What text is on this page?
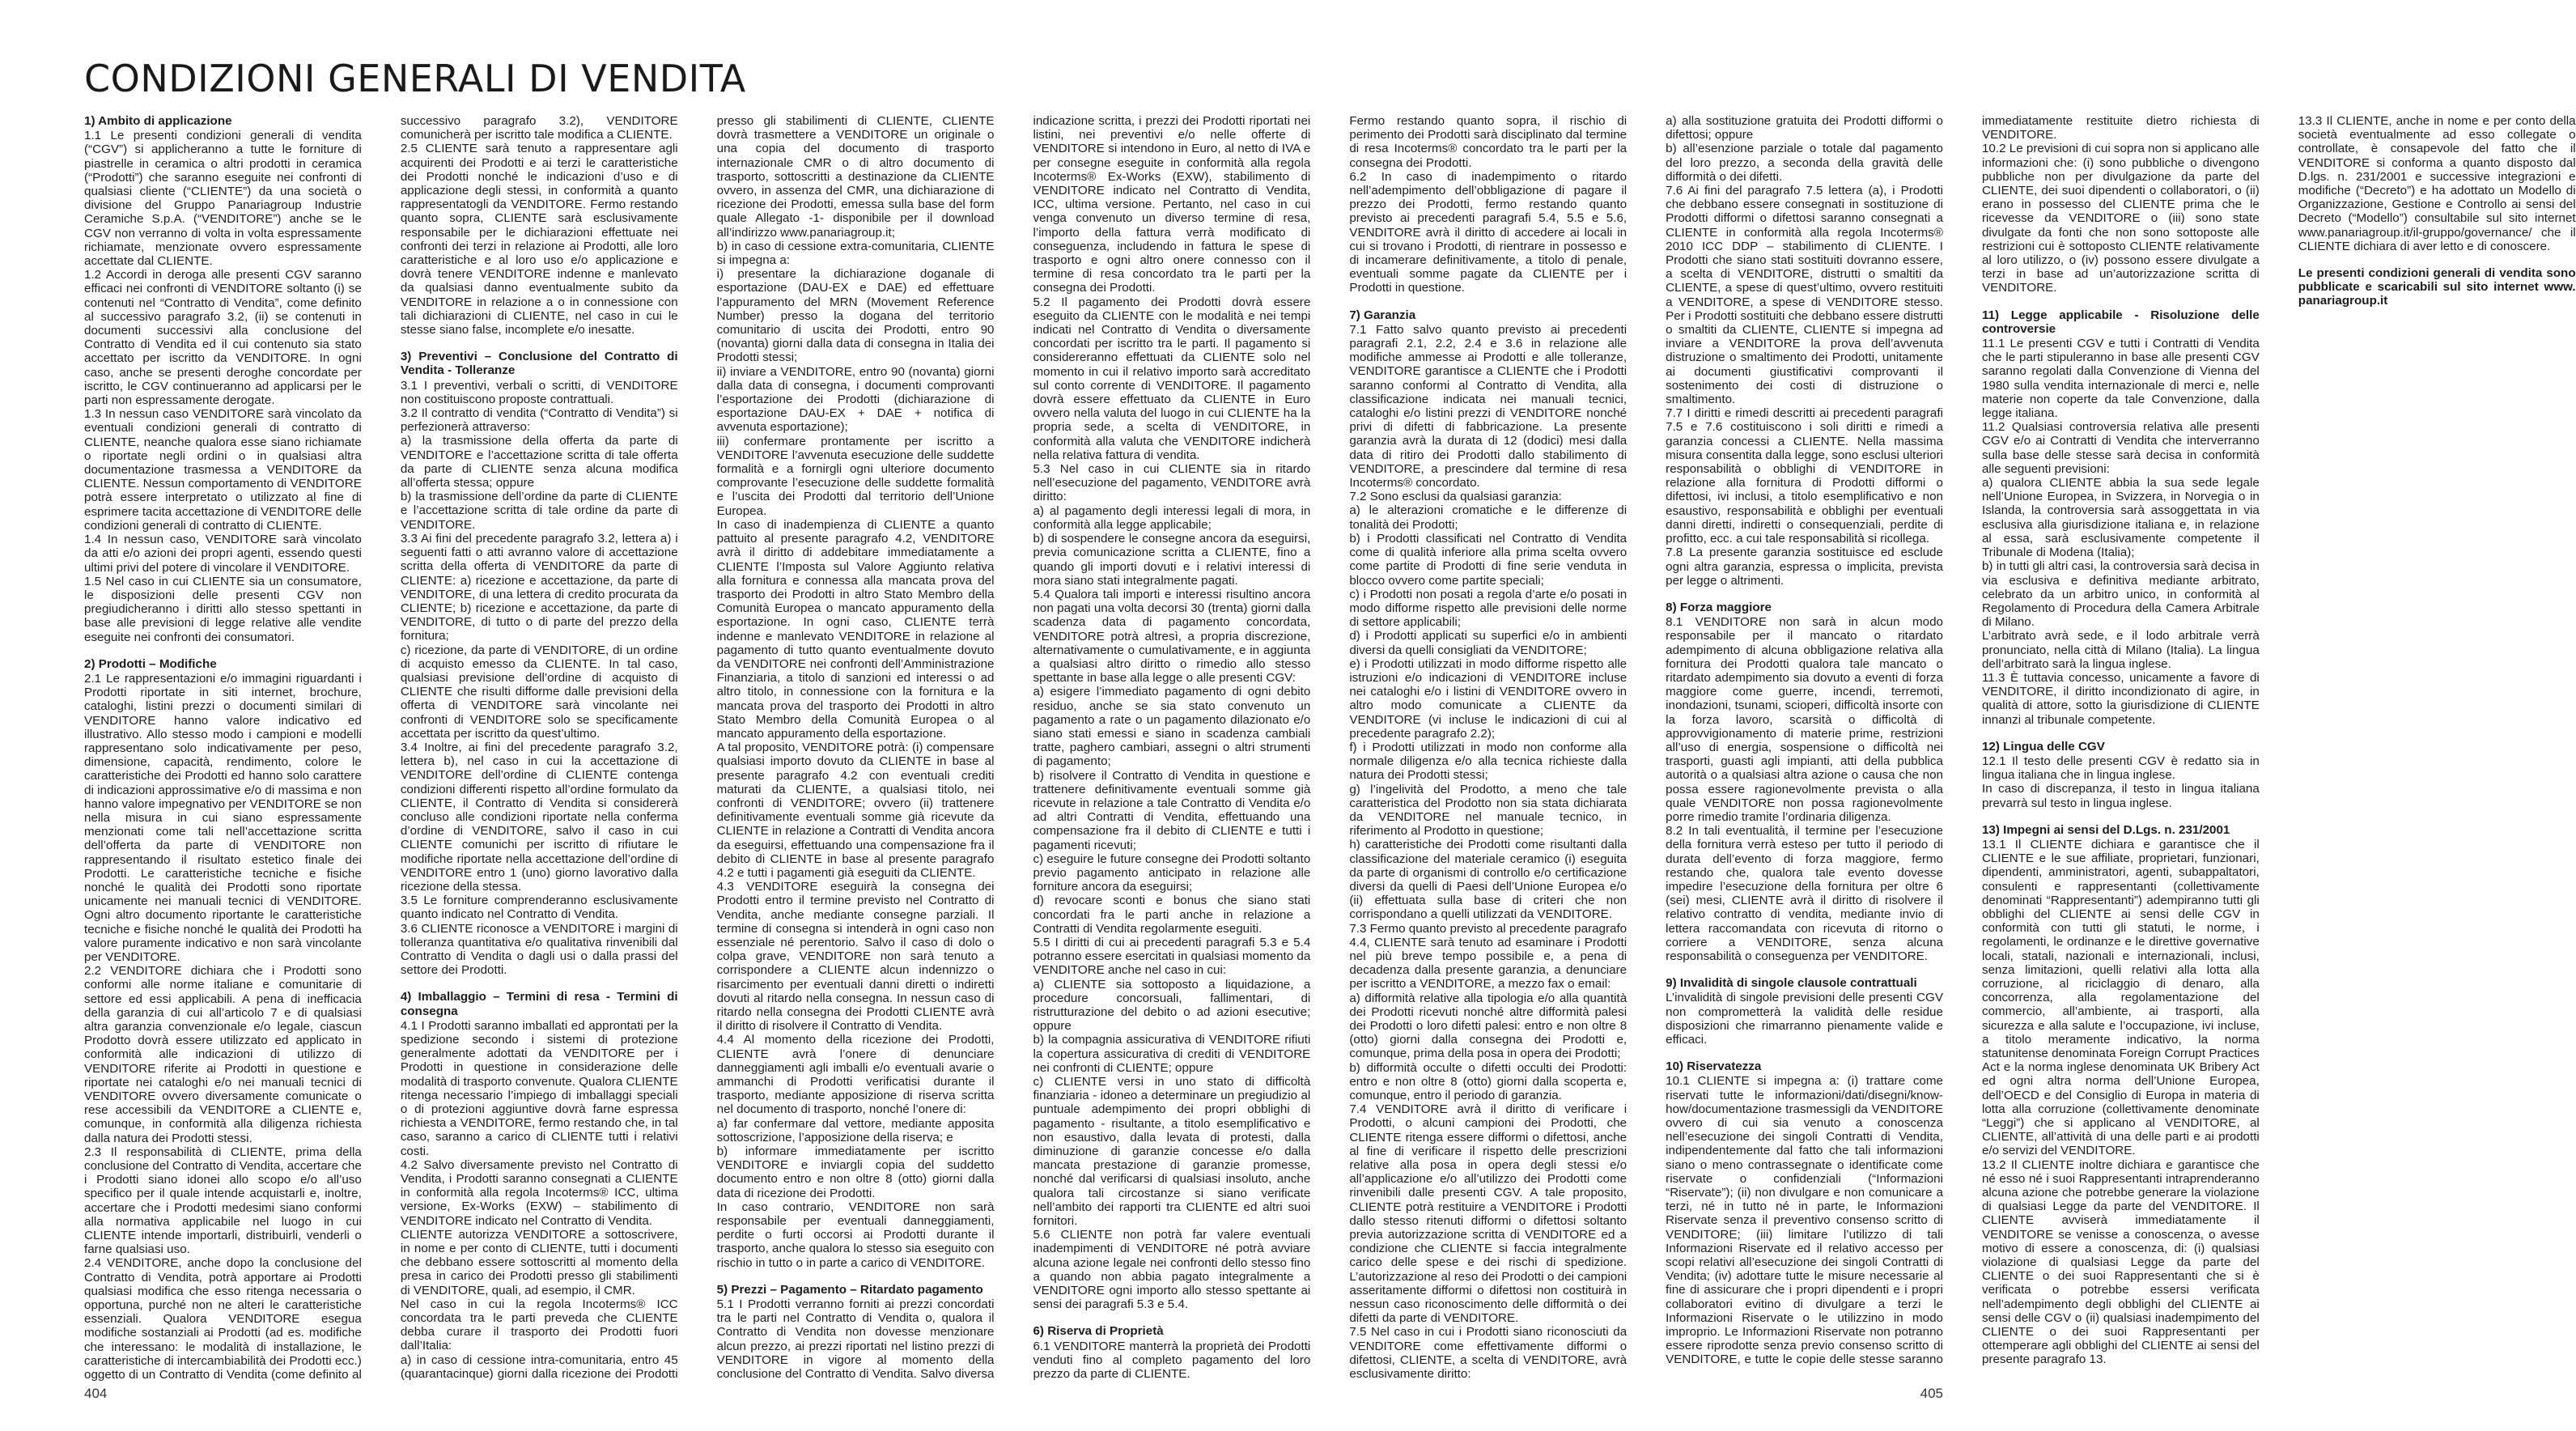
CONDIZIONI GENERALI DI VENDITA
1) Ambito di applicazione
1.1 Le presenti condizioni generali di vendita (“CGV”) si applicheranno a tutte le forniture di piastrelle in ceramica o altri prodotti in ceramica (“Prodotti”) che saranno eseguite nei confronti di qualsiasi cliente (“CLIENTE”) da una società o divisione del Gruppo Panariagroup Industrie Ceramiche S.p.A. (“VENDITORE”) anche se le CGV non verranno di volta in volta espressamente richiamate, menzionate ovvero espressamente accettate dal CLIENTE.
1.2 Accordi in deroga alle presenti CGV saranno efficaci nei confronti di VENDITORE soltanto (i) se contenuti nel “Contratto di Vendita”, come definito al successivo paragrafo 3.2, (ii) se contenuti in documenti successivi alla conclusione del Contratto di Vendita ed il cui contenuto sia stato accettato per iscritto da VENDITORE. In ogni caso, anche se presenti deroghe concordate per iscritto, le CGV continueranno ad applicarsi per le parti non espressamente derogate.
1.3 In nessun caso VENDITORE sarà vincolato da eventuali condizioni generali di contratto di CLIENTE, neanche qualora esse siano richiamate o riportate negli ordini o in qualsiasi altra documentazione trasmessa a VENDITORE da CLIENTE. Nessun comportamento di VENDITORE potrà essere interpretato o utilizzato al fine di esprimere tacita accettazione di VENDITORE delle condizioni generali di contratto di CLIENTE.
1.4 In nessun caso, VENDITORE sarà vincolato da atti e/o azioni dei propri agenti, essendo questi ultimi privi del potere di vincolare il VENDITORE.
1.5 Nel caso in cui CLIENTE sia un consumatore, le disposizioni delle presenti CGV non pregiudicheranno i diritti allo stesso spettanti in base alle previsioni di legge relative alle vendite eseguite nei confronti dei consumatori.
2) Prodotti – Modifiche
2.1 Le rappresentazioni e/o immagini riguardanti i Prodotti riportate in siti internet, brochure, cataloghi, listini prezzi o documenti similari di VENDITORE hanno valore indicativo ed illustrativo. Allo stesso modo i campioni e modelli rappresentano solo indicativamente per peso, dimensione, capacità, rendimento, colore le caratteristiche dei Prodotti ed hanno solo carattere di indicazioni approssimative e/o di massima e non hanno valore impegnativo per VENDITORE se non nella misura in cui siano espressamente menzionati come tali nell’accettazione scritta dell’offerta da parte di VENDITORE non rappresentando il risultato estetico finale dei Prodotti. Le caratteristiche tecniche e fisiche nonché le qualità dei Prodotti sono riportate unicamente nei manuali tecnici di VENDITORE. Ogni altro documento riportante le caratteristiche tecniche e fisiche nonché le qualità dei Prodotti ha valore puramente indicativo e non sarà vincolante per VENDITORE.
2.2 VENDITORE dichiara che i Prodotti sono conformi alle norme italiane e comunitarie di settore ed essi applicabili. A pena di inefficacia della garanzia di cui all’articolo 7 e di qualsiasi altra garanzia convenzionale e/o legale, ciascun Prodotto dovrà essere utilizzato ed applicato in conformità alle indicazioni di utilizzo di VENDITORE riferite ai Prodotti in questione e riportate nei cataloghi e/o nei manuali tecnici di VENDITORE ovvero diversamente comunicate o rese accessibili da VENDITORE a CLIENTE e, comunque, in conformità alla diligenza richiesta dalla natura dei Prodotti stessi.
2.3 Il responsabilità di CLIENTE, prima della conclusione del Contratto di Vendita, accertare che i Prodotti siano idonei allo scopo e/o all’uso specifico per il quale intende acquistarli e, inoltre, accertare che i Prodotti medesimi siano conformi alla normativa applicabile nel luogo in cui CLIENTE intende importarli, distribuirli, venderli o farne qualsiasi uso.
2.4 VENDITORE, anche dopo la conclusione del Contratto di Vendita, potrà apportare ai Prodotti qualsiasi modifica che esso ritenga necessaria o opportuna, purché non ne alteri le caratteristiche essenziali. Qualora VENDITORE esegua modifiche sostanziali ai Prodotti (ad es. modifiche che interessano: le modalità di installazione, le caratteristiche di intercambiabilità dei Prodotti ecc.) oggetto di un Contratto di Vendita (come definito al successivo paragrafo 3.2), VENDITORE comunicherà per iscritto tale modifica a CLIENTE.
2.5 CLIENTE sarà tenuto a rappresentare agli acquirenti dei Prodotti e ai terzi le caratteristiche dei Prodotti nonché le indicazioni d’uso e di applicazione degli stessi, in conformità a quanto rappresentatogli da VENDITORE. Fermo restando quanto sopra, CLIENTE sarà esclusivamente responsabile per le dichiarazioni effettuate nei confronti dei terzi in relazione ai Prodotti, alle loro caratteristiche e al loro uso e/o applicazione e dovrà tenere VENDITORE indenne e manlevato da qualsiasi danno eventualmente subito da VENDITORE in relazione a o in connessione con tali dichiarazioni di CLIENTE, nel caso in cui le stesse siano false, incomplete e/o inesatte.
3) Preventivi – Conclusione del Contratto di Vendita - Tolleranze
3.1 I preventivi, verbali o scritti, di VENDITORE non costituiscono proposte contrattuali.
3.2 Il contratto di vendita (“Contratto di Vendita”) si perfezionerà attraverso:
a) la trasmissione della offerta da parte di VENDITORE e l’accettazione scritta di tale offerta da parte di CLIENTE senza alcuna modifica all’offerta stessa; oppure
b) la trasmissione dell’ordine da parte di CLIENTE e l’accettazione scritta di tale ordine da parte di VENDITORE.
3.3 Ai fini del precedente paragrafo 3.2, lettera a) i seguenti fatti o atti avranno valore di accettazione scritta della offerta di VENDITORE da parte di CLIENTE: a) ricezione e accettazione, da parte di VENDITORE, di una lettera di credito procurata da CLIENTE; b) ricezione e accettazione, da parte di VENDITORE, di tutto o di parte del prezzo della fornitura;
c) ricezione, da parte di VENDITORE, di un ordine di acquisto emesso da CLIENTE. In tal caso, qualsiasi previsione dell’ordine di acquisto di CLIENTE che risulti difforme dalle previsioni della offerta di VENDITORE sarà vincolante nei confronti di VENDITORE solo se specificamente accettata per iscritto da quest’ultimo.
3.4 Inoltre, ai fini del precedente paragrafo 3.2, lettera b), nel caso in cui la accettazione di VENDITORE dell’ordine di CLIENTE contenga condizioni differenti rispetto all’ordine formulato da CLIENTE, il Contratto di Vendita si considererà concluso alle condizioni riportate nella conferma d’ordine di VENDITORE, salvo il caso in cui CLIENTE comunichi per iscritto di rifiutare le modifiche riportate nella accettazione dell’ordine di VENDITORE entro 1 (uno) giorno lavorativo dalla ricezione della stessa.
3.5 Le forniture comprenderanno esclusivamente quanto indicato nel Contratto di Vendita.
3.6 CLIENTE riconosce a VENDITORE i margini di tolleranza quantitativa e/o qualitativa rinvenibili dal Contratto di Vendita o dagli usi o dalla prassi del settore dei Prodotti.
4) Imballaggio – Termini di resa - Termini di consegna
4.1 I Prodotti saranno imballati ed approntati per la spedizione secondo i sistemi di protezione generalmente adottati da VENDITORE per i Prodotti in questione in considerazione delle modalità di trasporto convenute. Qualora CLIENTE ritenga necessario l’impiego di imballaggi speciali o di protezioni aggiuntive dovrà farne espressa richiesta a VENDITORE, fermo restando che, in tal caso, saranno a carico di CLIENTE tutti i relativi costi.
4.2 Salvo diversamente previsto nel Contratto di Vendita, i Prodotti saranno consegnati a CLIENTE in conformità alla regola Incoterms® ICC, ultima versione, Ex-Works (EXW) – stabilimento di VENDITORE indicato nel Contratto di Vendita.
CLIENTE autorizza VENDITORE a sottoscrivere, in nome e per conto di CLIENTE, tutti i documenti che debbano essere sottoscritti al momento della presa in carico dei Prodotti presso gli stabilimenti di VENDITORE, quali, ad esempio, il CMR.
Nel caso in cui la regola Incoterms® ICC concordata tra le parti preveda che CLIENTE debba curare il trasporto dei Prodotti fuori dall’Italia:
a) in caso di cessione intra-comunitaria, entro 45 (quarantacinque) giorni dalla ricezione dei Prodotti presso gli stabilimenti di CLIENTE, CLIENTE dovrà trasmettere a VENDITORE un originale o una copia del documento di trasporto internazionale CMR o di altro documento di trasporto, sottoscritti a destinazione da CLIENTE ovvero, in assenza del CMR, una dichiarazione di ricezione dei Prodotti, emessa sulla base del form quale Allegato -1- disponibile per il download all’indirizzo www.panariagroup.it;
b) in caso di cessione extra-comunitaria, CLIENTE si impegna a:
i) presentare la dichiarazione doganale di esportazione (DAU-EX e DAE) ed effettuare l’appuramento del MRN (Movement Reference Number) presso la dogana del territorio comunitario di uscita dei Prodotti, entro 90 (novanta) giorni dalla data di consegna in Italia dei Prodotti stessi;
ii) inviare a VENDITORE, entro 90 (novanta) giorni dalla data di consegna, i documenti comprovanti l’esportazione dei Prodotti (dichiarazione di esportazione DAU-EX + DAE + notifica di avvenuta esportazione);
iii) confermare prontamente per iscritto a VENDITORE l’avvenuta esecuzione delle suddette formalità e a fornirgli ogni ulteriore documento comprovante l’esecuzione delle suddette formalità e l’uscita dei Prodotti dal territorio dell’Unione Europea.
In caso di inadempienza di CLIENTE a quanto pattuito al presente paragrafo 4.2, VENDITORE avrà il diritto di addebitare immediatamente a CLIENTE l’Imposta sul Valore Aggiunto relativa alla fornitura e connessa alla mancata prova del trasporto dei Prodotti in altro Stato Membro della Comunità Europea o mancato appuramento della esportazione. In ogni caso, CLIENTE terrà indenne e manlevato VENDITORE in relazione al pagamento di tutto quanto eventualmente dovuto da VENDITORE nei confronti dell’Amministrazione Finanziaria, a titolo di sanzioni ed interessi o ad altro titolo, in connessione con la fornitura e la mancata prova del trasporto dei Prodotti in altro Stato Membro della Comunità Europea o al mancato appuramento della esportazione.
A tal proposito, VENDITORE potrà: (i) compensare qualsiasi importo dovuto da CLIENTE in base al presente paragrafo 4.2 con eventuali crediti maturati da CLIENTE, a qualsiasi titolo, nei confronti di VENDITORE; ovvero (ii) trattenere definitivamente eventuali somme già ricevute da CLIENTE in relazione a Contratti di Vendita ancora da eseguirsi, effettuando una compensazione fra il debito di CLIENTE in base al presente paragrafo 4.2 e tutti i pagamenti già eseguiti da CLIENTE.
4.3 VENDITORE eseguirà la consegna dei Prodotti entro il termine previsto nel Contratto di Vendita, anche mediante consegne parziali. Il termine di consegna si intenderà in ogni caso non essenziale né perentorio. Salvo il caso di dolo o colpa grave, VENDITORE non sarà tenuto a corrispondere a CLIENTE alcun indennizzo o risarcimento per eventuali danni diretti o indiretti dovuti al ritardo nella consegna. In nessun caso di ritardo nella consegna dei Prodotti CLIENTE avrà il diritto di risolvere il Contratto di Vendita.
4.4 Al momento della ricezione dei Prodotti, CLIENTE avrà l’onere di denunciare danneggiamenti agli imballi e/o eventuali avarie o ammanchi di Prodotti verificatisi durante il trasporto, mediante apposizione di riserva scritta nel documento di trasporto, nonché l’onere di:
a) far confermare dal vettore, mediante apposita sottoscrizione, l’apposizione della riserva; e
b) informare immediatamente per iscritto VENDITORE e inviargli copia del suddetto documento entro e non oltre 8 (otto) giorni dalla data di ricezione dei Prodotti.
In caso contrario, VENDITORE non sarà responsabile per eventuali danneggiamenti, perdite o furti occorsi ai Prodotti durante il trasporto, anche qualora lo stesso sia eseguito con rischio in tutto o in parte a carico di VENDITORE.
5) Prezzi – Pagamento – Ritardato pagamento
5.1 I Prodotti verranno forniti ai prezzi concordati tra le parti nel Contratto di Vendita o, qualora il Contratto di Vendita non dovesse menzionare alcun prezzo, ai prezzi riportati nel listino prezzi di VENDITORE in vigore al momento della conclusione del Contratto di Vendita. Salvo diversa indicazione scritta, i prezzi dei Prodotti riportati nei listini, nei preventivi e/o nelle offerte di VENDITORE si intendono in Euro, al netto di IVA e per consegne eseguite in conformità alla regola Incoterms® Ex-Works (EXW), stabilimento di VENDITORE indicato nel Contratto di Vendita, ICC, ultima versione. Pertanto, nel caso in cui venga convenuto un diverso termine di resa, l’importo della fattura verrà modificato di conseguenza, includendo in fattura le spese di trasporto e ogni altro onere connesso con il termine di resa concordato tra le parti per la consegna dei Prodotti.
5.2 Il pagamento dei Prodotti dovrà essere eseguito da CLIENTE con le modalità e nei tempi indicati nel Contratto di Vendita o diversamente concordati per iscritto tra le parti. Il pagamento si considereranno effettuati da CLIENTE solo nel momento in cui il relativo importo sarà accreditato sul conto corrente di VENDITORE. Il pagamento dovrà essere effettuato da CLIENTE in Euro ovvero nella valuta del luogo in cui CLIENTE ha la propria sede, a scelta di VENDITORE, in conformità alla valuta che VENDITORE indicherà nella relativa fattura di vendita.
5.3 Nel caso in cui CLIENTE sia in ritardo nell’esecuzione del pagamento, VENDITORE avrà diritto:
a) al pagamento degli interessi legali di mora, in conformità alla legge applicabile;
b) di sospendere le consegne ancora da eseguirsi, previa comunicazione scritta a CLIENTE, fino a quando gli importi dovuti e i relativi interessi di mora siano stati integralmente pagati.
5.4 Qualora tali importi e interessi risultino ancora non pagati una volta decorsi 30 (trenta) giorni dalla scadenza data di pagamento concordata, VENDITORE potrà altresì, a propria discrezione, alternativamente o cumulativamente, e in aggiunta a qualsiasi altro diritto o rimedio allo stesso spettante in base alla legge o alle presenti CGV:
a) esigere l’immediato pagamento di ogni debito residuo, anche se sia stato convenuto un pagamento a rate o un pagamento dilazionato e/o siano stati emessi e siano in scadenza cambiali tratte, paghero cambiari, assegni o altri strumenti di pagamento;
b) risolvere il Contratto di Vendita in questione e trattenere definitivamente eventuali somme già ricevute in relazione a tale Contratto di Vendita e/o ad altri Contratti di Vendita, effettuando una compensazione fra il debito di CLIENTE e tutti i pagamenti ricevuti;
c) eseguire le future consegne dei Prodotti soltanto previo pagamento anticipato in relazione alle forniture ancora da eseguirsi;
d) revocare sconti e bonus che siano stati concordati fra le parti anche in relazione a Contratti di Vendita regolarmente eseguiti.
5.5 I diritti di cui ai precedenti paragrafi 5.3 e 5.4 potranno essere esercitati in qualsiasi momento da VENDITORE anche nel caso in cui:
a) CLIENTE sia sottoposto a liquidazione, a procedure concorsuali, fallimentari, di ristrutturazione del debito o ad azioni esecutive; oppure
b) la compagnia assicurativa di VENDITORE rifiuti la copertura assicurativa di crediti di VENDITORE nei confronti di CLIENTE; oppure
c) CLIENTE versi in uno stato di difficoltà finanziaria - idoneo a determinare un pregiudizio al puntuale adempimento dei propri obblighi di pagamento - risultante, a titolo esemplificativo e non esaustivo, dalla levata di protesti, dalla diminuzione di garanzie concesse e/o dalla mancata prestazione di garanzie promesse, nonché dal verificarsi di qualsiasi insoluto, anche qualora tali circostanze si siano verificate nell’ambito dei rapporti tra CLIENTE ed altri suoi fornitori.
5.6 CLIENTE non potrà far valere eventuali inadempimenti di VENDITORE né potrà avviare alcuna azione legale nei confronti dello stesso fino a quando non abbia pagato integralmente a VENDITORE ogni importo allo stesso spettante ai sensi dei paragrafi 5.3 e 5.4.
6) Riserva di Proprietà
6.1 VENDITORE manterrà la proprietà dei Prodotti venduti fino al completo pagamento del loro prezzo da parte di CLIENTE.
Fermo restando quanto sopra, il rischio di perimento dei Prodotti sarà disciplinato dal termine di resa Incoterms® concordato tra le parti per la consegna dei Prodotti.
6.2 In caso di inadempimento o ritardo nell’adempimento dell’obbligazione di pagare il prezzo dei Prodotti, fermo restando quanto previsto ai precedenti paragrafi 5.4, 5.5 e 5.6, VENDITORE avrà il diritto di accedere ai locali in cui si trovano i Prodotti, di rientrare in possesso e di incamerare definitivamente, a titolo di penale, eventuali somme pagate da CLIENTE per i Prodotti in questione.
7) Garanzia
7.1 Fatto salvo quanto previsto ai precedenti paragrafi 2.1, 2.2, 2.4 e 3.6 in relazione alle modifiche ammesse ai Prodotti e alle tolleranze, VENDITORE garantisce a CLIENTE che i Prodotti saranno conformi al Contratto di Vendita, alla classificazione indicata nei manuali tecnici, cataloghi e/o listini prezzi di VENDITORE nonché privi di difetti di fabbricazione. La presente garanzia avrà la durata di 12 (dodici) mesi dalla data di ritiro dei Prodotti dallo stabilimento di VENDITORE, a prescindere dal termine di resa Incoterms® concordato.
7.2 Sono esclusi da qualsiasi garanzia:
a) le alterazioni cromatiche e le differenze di tonalità dei Prodotti;
b) i Prodotti classificati nel Contratto di Vendita come di qualità inferiore alla prima scelta ovvero come partite di Prodotti di fine serie venduta in blocco ovvero come partite speciali;
c) i Prodotti non posati a regola d’arte e/o posati in modo difforme rispetto alle previsioni delle norme di settore applicabili;
d) i Prodotti applicati su superfici e/o in ambienti diversi da quelli consigliati da VENDITORE;
e) i Prodotti utilizzati in modo difforme rispetto alle istruzioni e/o indicazioni di VENDITORE incluse nei cataloghi e/o i listini di VENDITORE ovvero in altro modo comunicate a CLIENTE da VENDITORE (vi incluse le indicazioni di cui al precedente paragrafo 2.2);
f) i Prodotti utilizzati in modo non conforme alla normale diligenza e/o alla tecnica richieste dalla natura dei Prodotti stessi;
g) l’ingelività del Prodotto, a meno che tale caratteristica del Prodotto non sia stata dichiarata da VENDITORE nel manuale tecnico, in riferimento al Prodotto in questione;
h) caratteristiche dei Prodotti come risultanti dalla classificazione del materiale ceramico (i) eseguita da parte di organismi di controllo e/o certificazione diversi da quelli di Paesi dell’Unione Europea e/o (ii) effettuata sulla base di criteri che non corrispondano a quelli utilizzati da VENDITORE.
7.3 Fermo quanto previsto al precedente paragrafo 4.4, CLIENTE sarà tenuto ad esaminare i Prodotti nel più breve tempo possibile e, a pena di decadenza dalla presente garanzia, a denunciare per iscritto a VENDITORE, a mezzo fax o email:
a) difformità relative alla tipologia e/o alla quantità dei Prodotti ricevuti nonché altre difformità palesi dei Prodotti o loro difetti palesi: entro e non oltre 8 (otto) giorni dalla consegna dei Prodotti e, comunque, prima della posa in opera dei Prodotti;
b) difformità occulte o difetti occulti dei Prodotti: entro e non oltre 8 (otto) giorni dalla scoperta e, comunque, entro il periodo di garanzia.
7.4 VENDITORE avrà il diritto di verificare i Prodotti, o alcuni campioni dei Prodotti, che CLIENTE ritenga essere difformi o difettosi, anche al fine di verificare il rispetto delle prescrizioni relative alla posa in opera degli stessi e/o all’applicazione e/o all’utilizzo dei Prodotti come rinvenibili dalle presenti CGV. A tale proposito, CLIENTE potrà restituire a VENDITORE i Prodotti dallo stesso ritenuti difformi o difettosi soltanto previa autorizzazione scritta di VENDITORE ed a condizione che CLIENTE si faccia integralmente carico delle spese e dei rischi di spedizione. L’autorizzazione al reso dei Prodotti o dei campioni asseritamente difformi o difettosi non costituirà in nessun caso riconoscimento delle difformità o dei difetti da parte di VENDITORE.
7.5 Nel caso in cui i Prodotti siano riconosciuti da VENDITORE come effettivamente difformi o difettosi, CLIENTE, a scelta di VENDITORE, avrà esclusivamente diritto:
a) alla sostituzione gratuita dei Prodotti difformi o difettosi; oppure
b) all’esenzione parziale o totale dal pagamento del loro prezzo, a seconda della gravità delle difformità o dei difetti.
7.6 Ai fini del paragrafo 7.5 lettera (a), i Prodotti che debbano essere consegnati in sostituzione di Prodotti difformi o difettosi saranno consegnati a CLIENTE in conformità alla regola Incoterms® 2010 ICC DDP – stabilimento di CLIENTE. I Prodotti che siano stati sostituiti dovranno essere, a scelta di VENDITORE, distrutti o smaltiti da CLIENTE, a spese di quest’ultimo, ovvero restituiti a VENDITORE, a spese di VENDITORE stesso. Per i Prodotti sostituiti che debbano essere distrutti o smaltiti da CLIENTE, CLIENTE si impegna ad inviare a VENDITORE la prova dell’avvenuta distruzione o smaltimento dei Prodotti, unitamente ai documenti giustificativi comprovanti il sostenimento dei costi di distruzione o smaltimento.
7.7 I diritti e rimedi descritti ai precedenti paragrafi 7.5 e 7.6 costituiscono i soli diritti e rimedi a garanzia concessi a CLIENTE. Nella massima misura consentita dalla legge, sono esclusi ulteriori responsabilità o obblighi di VENDITORE in relazione alla fornitura di Prodotti difformi o difettosi, ivi inclusi, a titolo esemplificativo e non esaustivo, responsabilità e obblighi per eventuali danni diretti, indiretti o consequenziali, perdite di profitto, ecc. a cui tale responsabilità si ricollega.
7.8 La presente garanzia sostituisce ed esclude ogni altra garanzia, espressa o implicita, prevista per legge o altrimenti.
8) Forza maggiore
8.1 VENDITORE non sarà in alcun modo responsabile per il mancato o ritardato adempimento di alcuna obbligazione relativa alla fornitura dei Prodotti qualora tale mancato o ritardato adempimento sia dovuto a eventi di forza maggiore come guerre, incendi, terremoti, inondazioni, tsunami, scioperi, difficoltà insorte con la forza lavoro, scarsità o difficoltà di approvvigionamento di materie prime, restrizioni all’uso di energia, sospensione o difficoltà nei trasporti, guasti agli impianti, atti della pubblica autorità o a qualsiasi altra azione o causa che non possa essere ragionevolmente prevista o alla quale VENDITORE non possa ragionevolmente porre rimedio tramite l’ordinaria diligenza.
8.2 In tali eventualità, il termine per l’esecuzione della fornitura verrà esteso per tutto il periodo di durata dell’evento di forza maggiore, fermo restando che, qualora tale evento dovesse impedire l’esecuzione della fornitura per oltre 6 (sei) mesi, CLIENTE avrà il diritto di risolvere il relativo contratto di vendita, mediante invio di lettera raccomandata con ricevuta di ritorno o corriere a VENDITORE, senza alcuna responsabilità o conseguenza per VENDITORE.
9) Invalidità di singole clausole contrattuali
L’invalidità di singole previsioni delle presenti CGV non comprometterà la validità delle residue disposizioni che rimarranno pienamente valide e efficaci.
10) Riservatezza
10.1 CLIENTE si impegna a: (i) trattare come riservati tutte le informazioni/dati/disegni/know-how/documentazione trasmessigli da VENDITORE ovvero di cui sia venuto a conoscenza nell’esecuzione dei singoli Contratti di Vendita, indipendentemente dal fatto che tali informazioni siano o meno contrassegnate o identificate come riservate o confidenziali (“Informazioni “Riservate”); (ii) non divulgare e non comunicare a terzi, né in tutto né in parte, le Informazioni Riservate senza il preventivo consenso scritto di VENDITORE; (iii) limitare l’utilizzo di tali Informazioni Riservate ed il relativo accesso per scopi relativi all’esecuzione dei singoli Contratti di Vendita; (iv) adottare tutte le misure necessarie al fine di assicurare che i propri dipendenti e i propri collaboratori evitino di divulgare a terzi le Informazioni Riservate o le utilizzino in modo improprio. Le Informazioni Riservate non potranno essere riprodotte senza previo consenso scritto di VENDITORE, e tutte le copie delle stesse saranno immediatamente restituite dietro richiesta di VENDITORE.
10.2 Le previsioni di cui sopra non si applicano alle informazioni che: (i) sono pubbliche o divengono pubbliche non per divulgazione da parte del CLIENTE, dei suoi dipendenti o collaboratori, o (ii) erano in possesso del CLIENTE prima che le ricevesse da VENDITORE o (iii) sono state divulgate da fonti che non sono sottoposte alle restrizioni cui è sottoposto CLIENTE relativamente al loro utilizzo, o (iv) possono essere divulgate a terzi in base ad un’autorizzazione scritta di VENDITORE.
11) Legge applicabile - Risoluzione delle controversie
11.1 Le presenti CGV e tutti i Contratti di Vendita che le parti stipuleranno in base alle presenti CGV saranno regolati dalla Convenzione di Vienna del 1980 sulla vendita internazionale di merci e, nelle materie non coperte da tale Convenzione, dalla legge italiana.
11.2 Qualsiasi controversia relativa alle presenti CGV e/o ai Contratti di Vendita che interverranno sulla base delle stesse sarà decisa in conformità alle seguenti previsioni:
a) qualora CLIENTE abbia la sua sede legale nell’Unione Europea, in Svizzera, in Norvegia o in Islanda, la controversia sarà assoggettata in via esclusiva alla giurisdizione italiana e, in relazione al essa, sarà esclusivamente competente il Tribunale di Modena (Italia);
b) in tutti gli altri casi, la controversia sarà decisa in via esclusiva e definitiva mediante arbitrato, celebrato da un arbitro unico, in conformità al Regolamento di Procedura della Camera Arbitrale di Milano.
L’arbitrato avrà sede, e il lodo arbitrale verrà pronunciato, nella città di Milano (Italia). La lingua dell’arbitrato sarà la lingua inglese.
11.3 È tuttavia concesso, unicamente a favore di VENDITORE, il diritto incondizionato di agire, in qualità di attore, sotto la giurisdizione di CLIENTE innanzi al tribunale competente.
12) Lingua delle CGV
12.1 Il testo delle presenti CGV è redatto sia in lingua italiana che in lingua inglese.
In caso di discrepanza, il testo in lingua italiana prevarrà sul testo in lingua inglese.
13) Impegni ai sensi del D.Lgs. n. 231/2001
13.1 Il CLIENTE dichiara e garantisce che il CLIENTE e le sue affiliate, proprietari, funzionari, dipendenti, amministratori, agenti, subappaltatori, consulenti e rappresentanti (collettivamente denominati “Rappresentanti”) adempiranno tutti gli obblighi del CLIENTE ai sensi delle CGV in conformità con tutti gli statuti, le norme, i regolamenti, le ordinanze e le direttive governative locali, statali, nazionali e internazionali, inclusi, senza limitazioni, quelli relativi alla lotta alla corruzione, al riciclaggio di denaro, alla concorrenza, alla regolamentazione del commercio, all’ambiente, ai trasporti, alla sicurezza e alla salute e l’occupazione, ivi incluse, a titolo meramente indicativo, la norma statunitense denominata Foreign Corrupt Practices Act e la norma inglese denominata UK Bribery Act ed ogni altra norma dell’Unione Europea, dell’OECD e del Consiglio di Europa in materia di lotta alla corruzione (collettivamente denominate “Leggi”) che si applicano al VENDITORE, al CLIENTE, all’attività di una delle parti e ai prodotti e/o servizi del VENDITORE.
13.2 Il CLIENTE inoltre dichiara e garantisce che né esso né i suoi Rappresentanti intraprenderanno alcuna azione che potrebbe generare la violazione di qualsiasi Legge da parte del VENDITORE. Il CLIENTE avviserà immediatamente il VENDITORE se venisse a conoscenza, o avesse motivo di essere a conoscenza, di: (i) qualsiasi violazione di qualsiasi Legge da parte del CLIENTE o dei suoi Rappresentanti che si è verificata o potrebbe essersi verificata nell’adempimento degli obblighi del CLIENTE ai sensi delle CGV o (ii) qualsiasi inadempimento del CLIENTE o dei suoi Rappresentanti per ottemperare agli obblighi del CLIENTE ai sensi del presente paragrafo 13.
13.3 Il CLIENTE, anche in nome e per conto della società eventualmente ad esso collegate o controllate, è consapevole del fatto che il VENDITORE si conforma a quanto disposto dal D.lgs. n. 231/2001 e successive integrazioni e modifiche (“Decreto”) e ha adottato un Modello di Organizzazione, Gestione e Controllo ai sensi del Decreto (“Modello”) consultabile sul sito internet www.panariagroup.it/il-gruppo/governance/ che il CLIENTE dichiara di aver letto e di conoscere.
Le presenti condizioni generali di vendita sono pubblicate e scaricabili sul sito internet www. panariagroup.it
404	405
